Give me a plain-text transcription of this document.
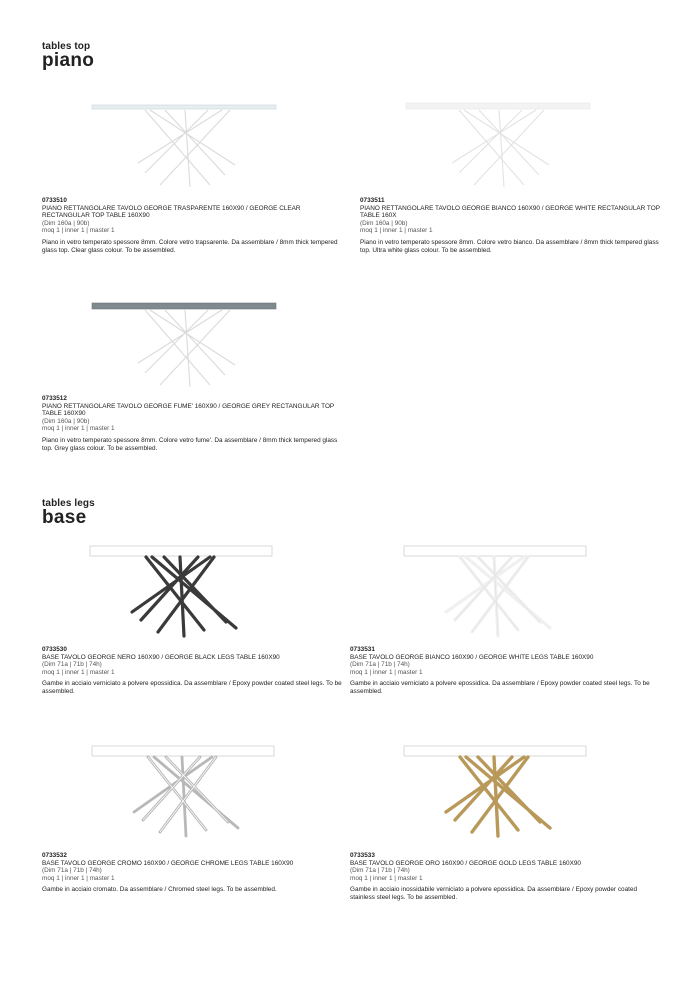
tables top
piano
0733510
PIANO RETTANGOLARE TAVOLO GEORGE TRASPARENTE 160X90 / GEORGE CLEAR RECTANGULAR TOP TABLE 160X90
(Dim 160a | 90b)
moq 1 | inner 1 | master 1
Piano in vetro temperato spessore 8mm. Colore vetro trapsarente. Da assemblare / 8mm thick tempered glass top. Clear glass colour. To be assembled.
0733511
PIANO RETTANGOLARE TAVOLO GEORGE BIANCO 160X90 / GEORGE WHITE RECTANGULAR TOP TABLE 160X
(Dim 160a | 90b)
moq 1 | inner 1 | master 1
Piano in vetro temperato spessore 8mm. Colore vetro bianco. Da assemblare / 8mm thick tempered glass top. Ultra white glass colour. To be assembled.
0733512
PIANO RETTANGOLARE TAVOLO GEORGE FUME' 160X90 / GEORGE GREY RECTANGULAR TOP TABLE 160X90
(Dim 160a | 90b)
moq 1 | inner 1 | master 1
Piano in vetro temperato spessore 8mm. Colore vetro fume'. Da assemblare / 8mm thick tempered glass top. Grey glass colour. To be assembled.
tables legs
base
0733530
BASE TAVOLO GEORGE NERO 160X90 / GEORGE BLACK LEGS TABLE 160X90
(Dim 71a | 71b | 74h)
moq 1 | inner 1 | master 1
Gambe in acciaio verniciato a polvere epossidica. Da assemblare / Epoxy powder coated steel legs. To be assembled.
0733531
BASE TAVOLO GEORGE BIANCO 160X90 / GEORGE WHITE LEGS TABLE 160X90
(Dim 71a | 71b | 74h)
moq 1 | inner 1 | master 1
Gambe in acciaio verniciato a polvere epossidica. Da assemblare / Epoxy powder coated steel legs. To be assembled.
0733532
BASE TAVOLO GEORGE CROMO 160X90 / GEORGE CHROME LEGS TABLE 160X90
(Dim 71a | 71b | 74h)
moq 1 | inner 1 | master 1
Gambe in acciaio cromato. Da assemblare / Chromed steel legs. To be assembled.
0733533
BASE TAVOLO GEORGE ORO 160X90 / GEORGE GOLD LEGS TABLE 160X90
(Dim 71a | 71b | 74h)
moq 1 | inner 1 | master 1
Gambe in acciaio inossidabile verniciato a polvere epossidica. Da assemblare / Epoxy powder coated stainless steel legs. To be assembled.
